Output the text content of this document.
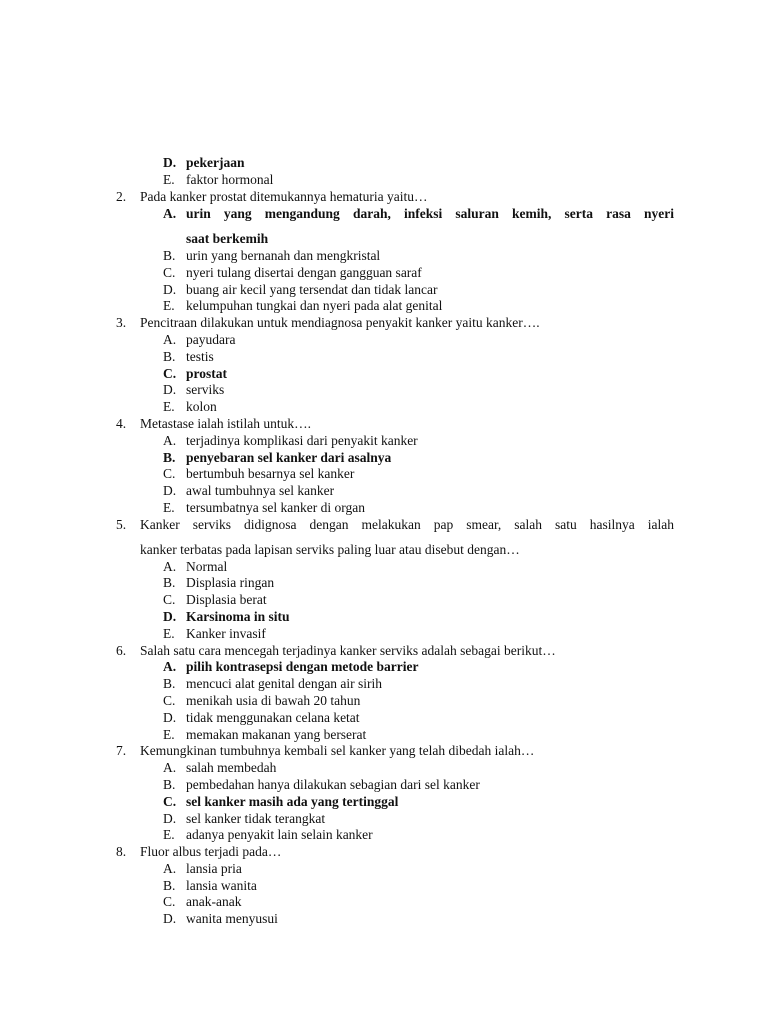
D. pekerjaan
E. faktor hormonal
2.	Pada kanker prostat ditemukannya hematuria yaitu…
A. urin yang mengandung darah, infeksi saluran kemih, serta rasa nyeri
saat berkemih
B. urin yang bernanah dan mengkristal
C. nyeri tulang disertai dengan gangguan saraf
D. buang air kecil yang tersendat dan tidak lancar
E. kelumpuhan tungkai dan nyeri pada alat genital
3.	Pencitraan dilakukan untuk mendiagnosa penyakit kanker yaitu kanker….
A. payudara
B. testis
C. prostat
D. serviks
E. kolon
4.	Metastase ialah istilah untuk….
A. terjadinya komplikasi dari penyakit kanker
B. penyebaran sel kanker dari asalnya
C. bertumbuh besarnya sel kanker
D. awal tumbuhnya sel kanker
E. tersumbatnya sel kanker di organ
5.	Kanker serviks didignosa dengan melakukan pap smear, salah satu hasilnya ialah
kanker terbatas pada lapisan serviks paling luar atau disebut dengan…
A. Normal
B. Displasia ringan
C. Displasia berat
D. Karsinoma in situ
E. Kanker invasif
6.	Salah satu cara mencegah terjadinya kanker serviks adalah sebagai berikut…
A. pilih kontrasepsi dengan metode barrier
B. mencuci alat genital dengan air sirih
C. menikah usia di bawah 20 tahun
D. tidak menggunakan celana ketat
E. memakan makanan yang berserat
7.	Kemungkinan tumbuhnya kembali sel kanker yang telah dibedah ialah…
A. salah membedah
B. pembedahan hanya dilakukan sebagian dari sel kanker
C. sel kanker masih ada yang tertinggal
D. sel kanker tidak terangkat
E. adanya penyakit lain selain kanker
8.	Fluor albus terjadi pada…
A. lansia pria
B. lansia wanita
C. anak-anak
D. wanita menyusui
